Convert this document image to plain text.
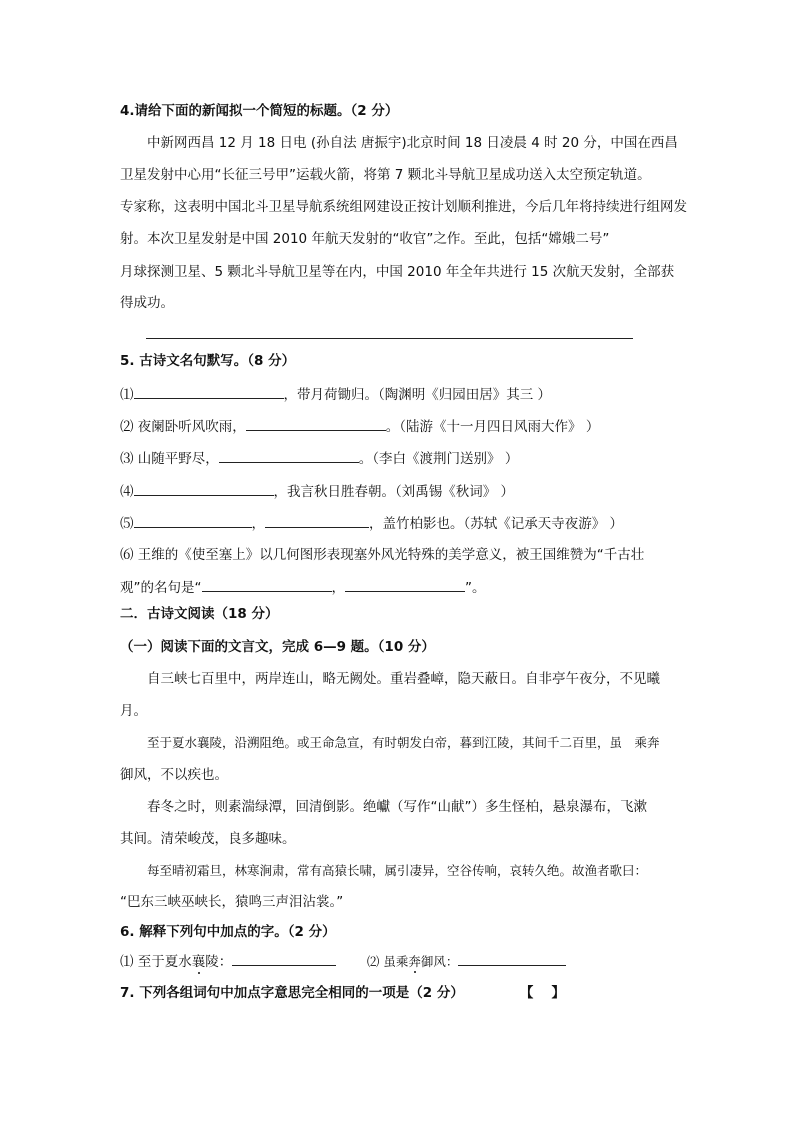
4.请给下面的新闻拟一个简短的标题。（2 分）
中新网西昌 12 月 18 日电 (孙自法 唐振宇)北京时间 18 日凌晨 4 时 20 分，中国在西昌
卫星发射中心用“长征三号甲”运载火箭，将第 7 颗北斗导航卫星成功送入太空预定轨道。
专家称，这表明中国北斗卫星导航系统组网建设正按计划顺利推进，今后几年将持续进行组网发
射。本次卫星发射是中国 2010 年航天发射的“收官”之作。至此，包括“嫦娥二号”
月球探测卫星、5 颗北斗导航卫星等在内，中国 2010 年全年共进行 15 次航天发射，全部获
得成功。
5. 古诗文名句默写。（8 分）
⑴	，带月荷锄归。（陶渊明《归园田居》其三 ）
⑵ 夜阑卧听风吹雨，	。（陆游《十一月四日风雨大作》 ）
⑶ 山随平野尽，	。（李白《渡荆门送别》 ）
⑷	，我言秋日胜春朝。（刘禹锡《秋词》 ）
⑸	，	，盖竹柏影也。（苏轼《记承天寺夜游》 ）
⑹ 王维的《使至塞上》以几何图形表现塞外风光特殊的美学意义，被王国维赞为“千古壮
观”的名句是“	，	”。
二．古诗文阅读（18 分）
（一）阅读下面的文言文，完成 6—9 题。（10 分）
自三峡七百里中，两岸连山，略无阙处。重岩叠嶂，隐天蔽日。自非亭午夜分，不见曦
月。
至于夏水襄陵，沿溯阻绝。或王命急宣，有时朝发白帝，暮到江陵，其间千二百里，虽　乘奔
御风，不以疾也。
春冬之时，则素湍绿潭，回清倒影。绝巘（写作“山献”）多生怪柏，悬泉瀑布，飞漱
其间。清荣峻茂，良多趣味。
每至晴初霜旦，林寒涧肃，常有高猿长啸，属引凄异，空谷传响，哀转久绝。故渔者歌曰：
“巴东三峡巫峡长，猿鸣三声泪沾裳。”
6. 解释下列句中加点的字。（2 分）
⑴ 至于夏水襄陵：	⑵ 虽乘奔御风：
7. 下列各组词句中加点字意思完全相同的一项是（2 分）	【　 】
